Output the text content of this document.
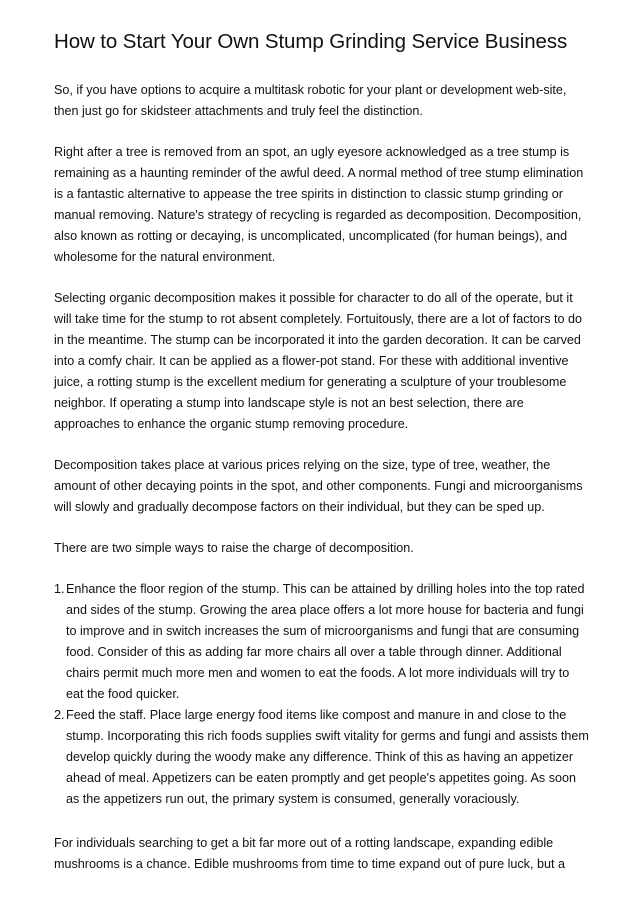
How to Start Your Own Stump Grinding Service Business

So, if you have options to acquire a multitask robotic for your plant or development web-site, then just go for skidsteer attachments and truly feel the distinction.

Right after a tree is removed from an spot, an ugly eyesore acknowledged as a tree stump is remaining as a haunting reminder of the awful deed. A normal method of tree stump elimination is a fantastic alternative to appease the tree spirits in distinction to classic stump grinding or manual removing. Nature's strategy of recycling is regarded as decomposition. Decomposition, also known as rotting or decaying, is uncomplicated, uncomplicated (for human beings), and wholesome for the natural environment.

Selecting organic decomposition makes it possible for character to do all of the operate, but it will take time for the stump to rot absent completely. Fortuitously, there are a lot of factors to do in the meantime. The stump can be incorporated it into the garden decoration. It can be carved into a comfy chair. It can be applied as a flower-pot stand. For these with additional inventive juice, a rotting stump is the excellent medium for generating a sculpture of your troublesome neighbor. If operating a stump into landscape style is not an best selection, there are approaches to enhance the organic stump removing procedure.

Decomposition takes place at various prices relying on the size, type of tree, weather, the amount of other decaying points in the spot, and other components. Fungi and microorganisms will slowly and gradually decompose factors on their individual, but they can be sped up.

There are two simple ways to raise the charge of decomposition.

1. Enhance the floor region of the stump. This can be attained by drilling holes into the top rated and sides of the stump. Growing the area place offers a lot more house for bacteria and fungi to improve and in switch increases the sum of microorganisms and fungi that are consuming food. Consider of this as adding far more chairs all over a table through dinner. Additional chairs permit much more men and women to eat the foods. A lot more individuals will try to eat the food quicker.
2. Feed the staff. Place large energy food items like compost and manure in and close to the stump. Incorporating this rich foods supplies swift vitality for germs and fungi and assists them develop quickly during the woody make any difference. Think of this as having an appetizer ahead of meal. Appetizers can be eaten promptly and get people's appetites going. As soon as the appetizers run out, the primary system is consumed, generally voraciously.

For individuals searching to get a bit far more out of a rotting landscape, expanding edible mushrooms is a chance. Edible mushrooms from time to time expand out of pure luck, but a
